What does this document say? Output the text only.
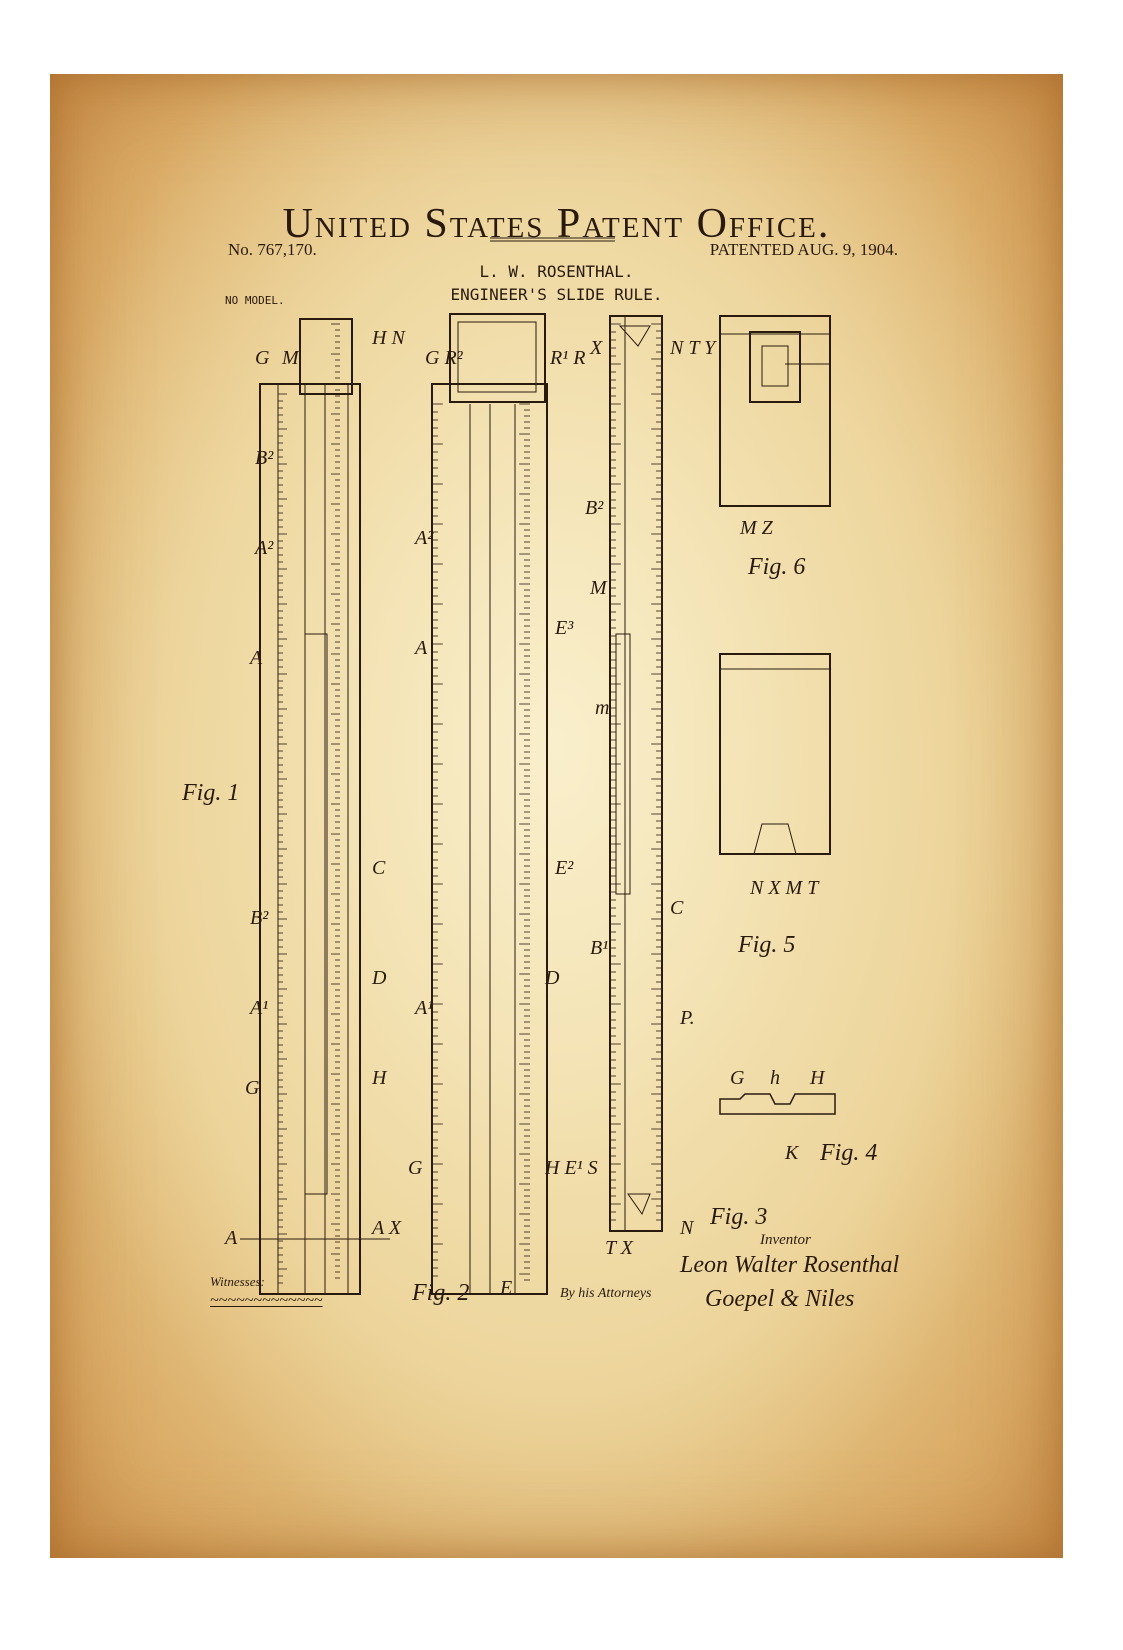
United States Patent Office.
No. 767,170.	PATENTED AUG. 9, 1904.
L. W. ROSENTHAL.
ENGINEER'S SLIDE RULE.
NO MODEL.
G M
H N
B²
A²
A
B²
A¹
G
C
D
H
A X
A
G R²	R¹ R
A²
A
A¹
G
E³
E²
D
H E¹ S
X	N T Y
B²
M
m
B¹
C
P.
T X
N
M Z
N X M T
G h H
K
E
Fig. 1
Fig. 2
Fig. 3
Fig. 4
Fig. 5
Fig. 6
Witnesses:
~~~~~~~~~~~~~
Inventor
Leon Walter Rosenthal
By his Attorneys Goepel & Niles
